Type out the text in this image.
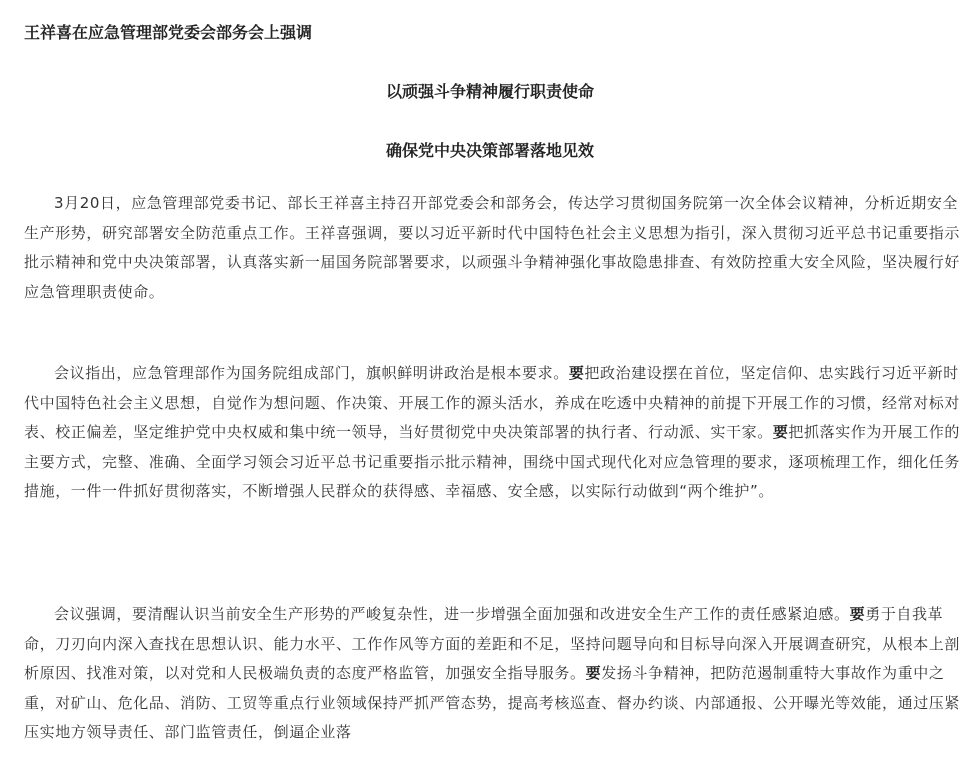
王祥喜在应急管理部党委会部务会上强调
以顽强斗争精神履行职责使命
确保党中央决策部署落地见效

3月20日，应急管理部党委书记、部长王祥喜主持召开部党委会和部务会，传达学习贯彻国务院第一次全体会议精神，分析近期安全生产形势，研究部署安全防范重点工作。王祥喜强调，要以习近平新时代中国特色社会主义思想为指引，深入贯彻习近平总书记重要指示批示精神和党中央决策部署，认真落实新一届国务院部署要求，以顽强斗争精神强化事故隐患排查、有效防控重大安全风险，坚决履行好应急管理职责使命。

会议指出，应急管理部作为国务院组成部门，旗帜鲜明讲政治是根本要求。要把政治建设摆在首位，坚定信仰、忠实践行习近平新时代中国特色社会主义思想，自觉作为想问题、作决策、开展工作的源头活水，养成在吃透中央精神的前提下开展工作的习惯，经常对标对表、校正偏差，坚定维护党中央权威和集中统一领导，当好贯彻党中央决策部署的执行者、行动派、实干家。要把抓落实作为开展工作的主要方式，完整、准确、全面学习领会习近平总书记重要指示批示精神，围绕中国式现代化对应急管理的要求，逐项梳理工作，细化任务措施，一件一件抓好贯彻落实，不断增强人民群众的获得感、幸福感、安全感，以实际行动做到“两个维护”。

会议强调，要清醒认识当前安全生产形势的严峻复杂性，进一步增强全面加强和改进安全生产工作的责任感紧迫感。要勇于自我革命，刀刃向内深入查找在思想认识、能力水平、工作作风等方面的差距和不足，坚持问题导向和目标导向深入开展调查研究，从根本上剖析原因、找准对策，以对党和人民极端负责的态度严格监管，加强安全指导服务。要发扬斗争精神，把防范遏制重特大事故作为重中之重，对矿山、危化品、消防、工贸等重点行业领域保持严抓严管态势，提高考核巡查、督办约谈、内部通报、公开曝光等效能，通过压紧压实地方领导责任、部门监管责任，倒逼企业落
